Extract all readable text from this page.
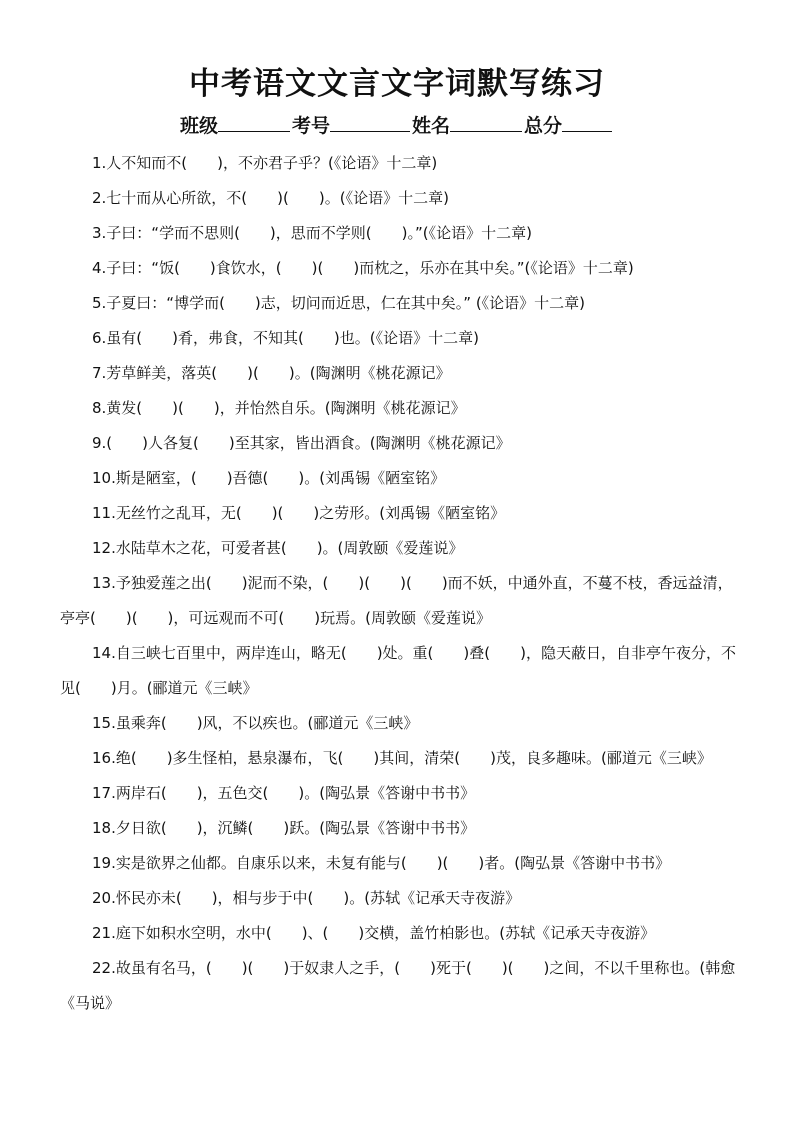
中考语文文言文字词默写练习
班级	考号	姓名	总分

1.人不知而不(　　)，不亦君子乎？(《论语》十二章)

2.七十而从心所欲，不(　　)(　　)。(《论语》十二章)

3.子曰：“学而不思则(　　)，思而不学则(　　)。”(《论语》十二章)

4.子曰：“饭(　　)食饮水，(　　)(　　)而枕之，乐亦在其中矣。”(《论语》十二章)

5.子夏曰：“博学而(　　)志，切问而近思，仁在其中矣。” (《论语》十二章)

6.虽有(　　)肴，弗食，不知其(　　)也。(《论语》十二章)

7.芳草鲜美，落英(　　)(　　)。(陶渊明《桃花源记》

8.黄发(　　)(　　)，并怡然自乐。(陶渊明《桃花源记》

9.(　　)人各复(　　)至其家，皆出酒食。(陶渊明《桃花源记》

10.斯是陋室，(　　)吾德(　　)。(刘禹锡《陋室铭》

11.无丝竹之乱耳，无(　　)(　　)之劳形。(刘禹锡《陋室铭》

12.水陆草木之花，可爱者甚(　　)。(周敦颐《爱莲说》

13.予独爱莲之出(　　)泥而不染，(　　)(　　)(　　)而不妖，中通外直，不蔓不枝，香远益清，亭亭(　　)(　　)，可远观而不可(　　)玩焉。(周敦颐《爱莲说》

14.自三峡七百里中，两岸连山，略无(　　)处。重(　　)叠(　　)，隐天蔽日，自非亭午夜分，不见(　　)月。(郦道元《三峡》

15.虽乘奔(　　)风，不以疾也。(郦道元《三峡》

16.绝(　　)多生怪柏，悬泉瀑布，飞(　　)其间，清荣(　　)茂，良多趣味。(郦道元《三峡》

17.两岸石(　　)，五色交(　　)。(陶弘景《答谢中书书》

18.夕日欲(　　)，沉鳞(　　)跃。(陶弘景《答谢中书书》

19.实是欲界之仙都。自康乐以来，未复有能与(　　)(　　)者。(陶弘景《答谢中书书》

20.怀民亦未(　　)，相与步于中(　　)。(苏轼《记承天寺夜游》

21.庭下如积水空明，水中(　　)、(　　)交横，盖竹柏影也。(苏轼《记承天寺夜游》

22.故虽有名马，(　　)(　　)于奴隶人之手，(　　)死于(　　)(　　)之间，不以千里称也。(韩愈《马说》
